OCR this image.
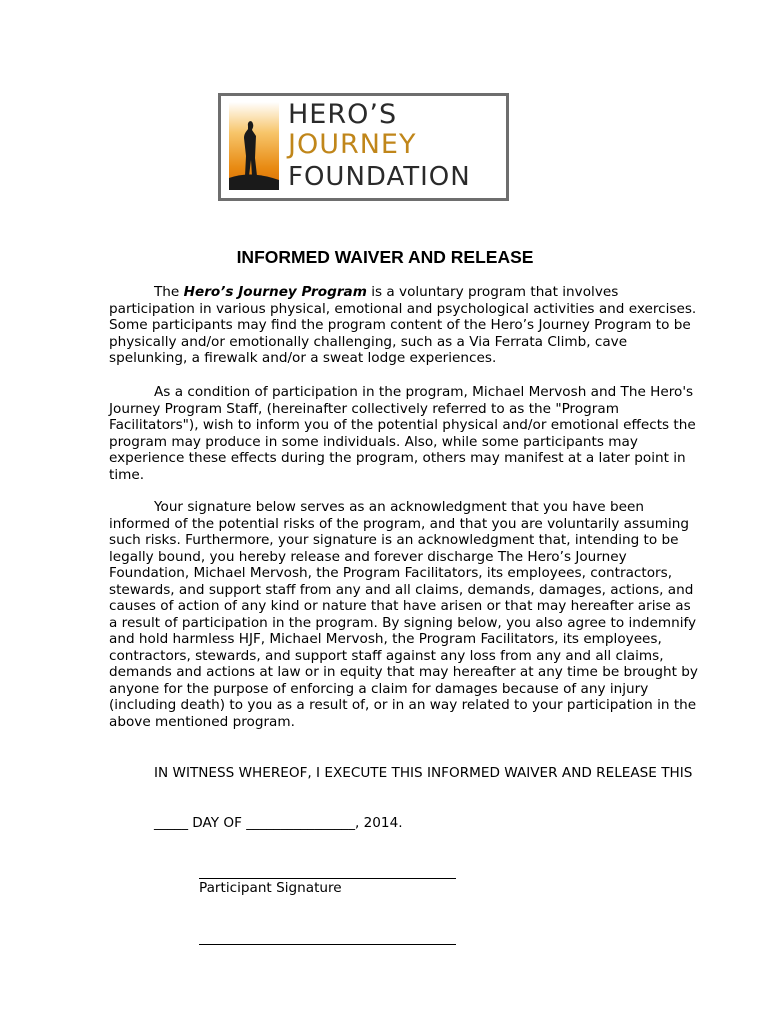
HERO’S
JOURNEY
FOUNDATION
INFORMED WAIVER AND RELEASE

The Hero’s Journey Program is a voluntary program that involves participation in various physical, emotional and psychological activities and exercises. Some participants may find the program content of the Hero’s Journey Program to be physically and/or emotionally challenging, such as a Via Ferrata Climb, cave spelunking, a firewalk and/or a sweat lodge experiences.

As a condition of participation in the program, Michael Mervosh and The Hero's Journey Program Staff, (hereinafter collectively referred to as the "Program Facilitators"), wish to inform you of the potential physical and/or emotional effects the program may produce in some individuals. Also, while some participants may experience these effects during the program, others may manifest at a later point in time.

Your signature below serves as an acknowledgment that you have been informed of the potential risks of the program, and that you are voluntarily assuming such risks. Furthermore, your signature is an acknowledgment that, intending to be legally bound, you hereby release and forever discharge The Hero’s Journey Foundation, Michael Mervosh, the Program Facilitators, its employees, contractors, stewards, and support staff from any and all claims, demands, damages, actions, and causes of action of any kind or nature that have arisen or that may hereafter arise as a result of participation in the program. By signing below, you also agree to indemnify and hold harmless HJF, Michael Mervosh, the Program Facilitators, its employees, contractors, stewards, and support staff against any loss from any and all claims, demands and actions at law or in equity that may hereafter at any time be brought by anyone for the purpose of enforcing a claim for damages because of any injury (including death) to you as a result of, or in an way related to your participation in the above mentioned program.

IN WITNESS WHEREOF, I EXECUTE THIS INFORMED WAIVER AND RELEASE THIS

_____ DAY OF ________________, 2014.
Participant Signature
